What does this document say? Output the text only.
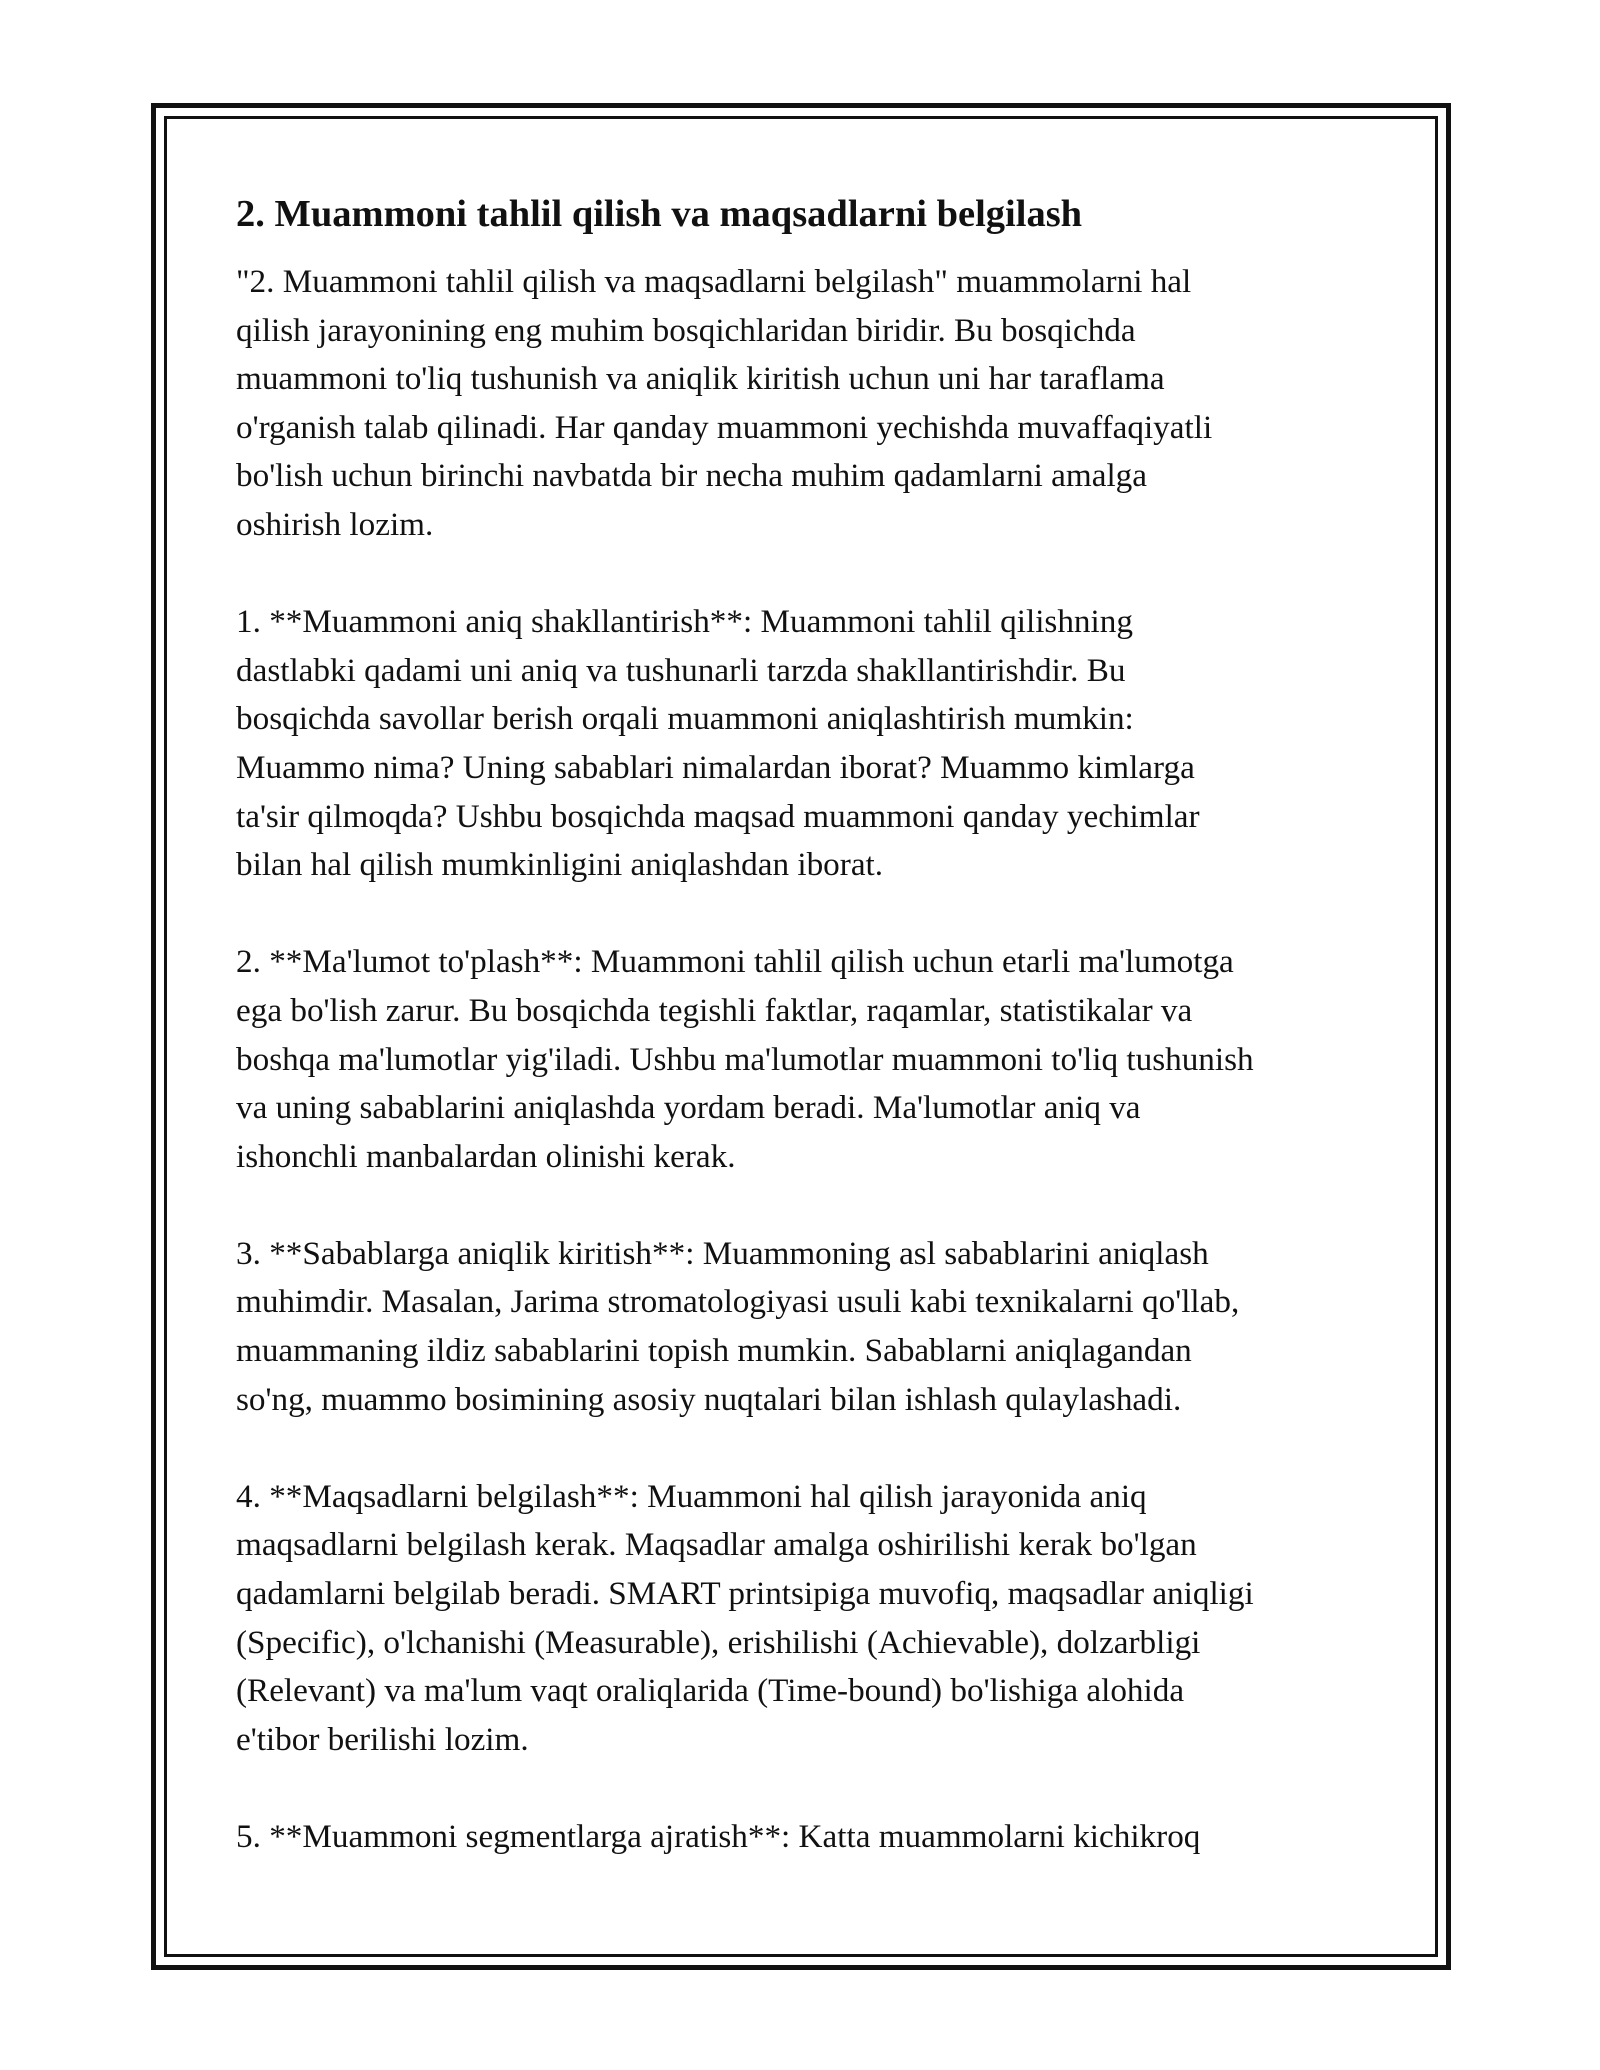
2. Muammoni tahlil qilish va maqsadlarni belgilash

"2. Muammoni tahlil qilish va maqsadlarni belgilash" muammolarni hal
qilish jarayonining eng muhim bosqichlaridan biridir. Bu bosqichda
muammoni to'liq tushunish va aniqlik kiritish uchun uni har taraflama
o'rganish talab qilinadi. Har qanday muammoni yechishda muvaffaqiyatli
bo'lish uchun birinchi navbatda bir necha muhim qadamlarni amalga
oshirish lozim.

1. **Muammoni aniq shakllantirish**: Muammoni tahlil qilishning
dastlabki qadami uni aniq va tushunarli tarzda shakllantirishdir. Bu
bosqichda savollar berish orqali muammoni aniqlashtirish mumkin:
Muammo nima? Uning sabablari nimalardan iborat? Muammo kimlarga
ta'sir qilmoqda? Ushbu bosqichda maqsad muammoni qanday yechimlar
bilan hal qilish mumkinligini aniqlashdan iborat.

2. **Ma'lumot to'plash**: Muammoni tahlil qilish uchun etarli ma'lumotga
ega bo'lish zarur. Bu bosqichda tegishli faktlar, raqamlar, statistikalar va
boshqa ma'lumotlar yig'iladi. Ushbu ma'lumotlar muammoni to'liq tushunish
va uning sabablarini aniqlashda yordam beradi. Ma'lumotlar aniq va
ishonchli manbalardan olinishi kerak.

3. **Sabablarga aniqlik kiritish**: Muammoning asl sabablarini aniqlash
muhimdir. Masalan, Jarima stromatologiyasi usuli kabi texnikalarni qo'llab,
muammaning ildiz sabablarini topish mumkin. Sabablarni aniqlagandan
so'ng, muammo bosimining asosiy nuqtalari bilan ishlash qulaylashadi.

4. **Maqsadlarni belgilash**: Muammoni hal qilish jarayonida aniq
maqsadlarni belgilash kerak. Maqsadlar amalga oshirilishi kerak bo'lgan
qadamlarni belgilab beradi. SMART printsipiga muvofiq, maqsadlar aniqligi
(Specific), o'lchanishi (Measurable), erishilishi (Achievable), dolzarbligi
(Relevant) va ma'lum vaqt oraliqlarida (Time-bound) bo'lishiga alohida
e'tibor berilishi lozim.

5. **Muammoni segmentlarga ajratish**: Katta muammolarni kichikroq
